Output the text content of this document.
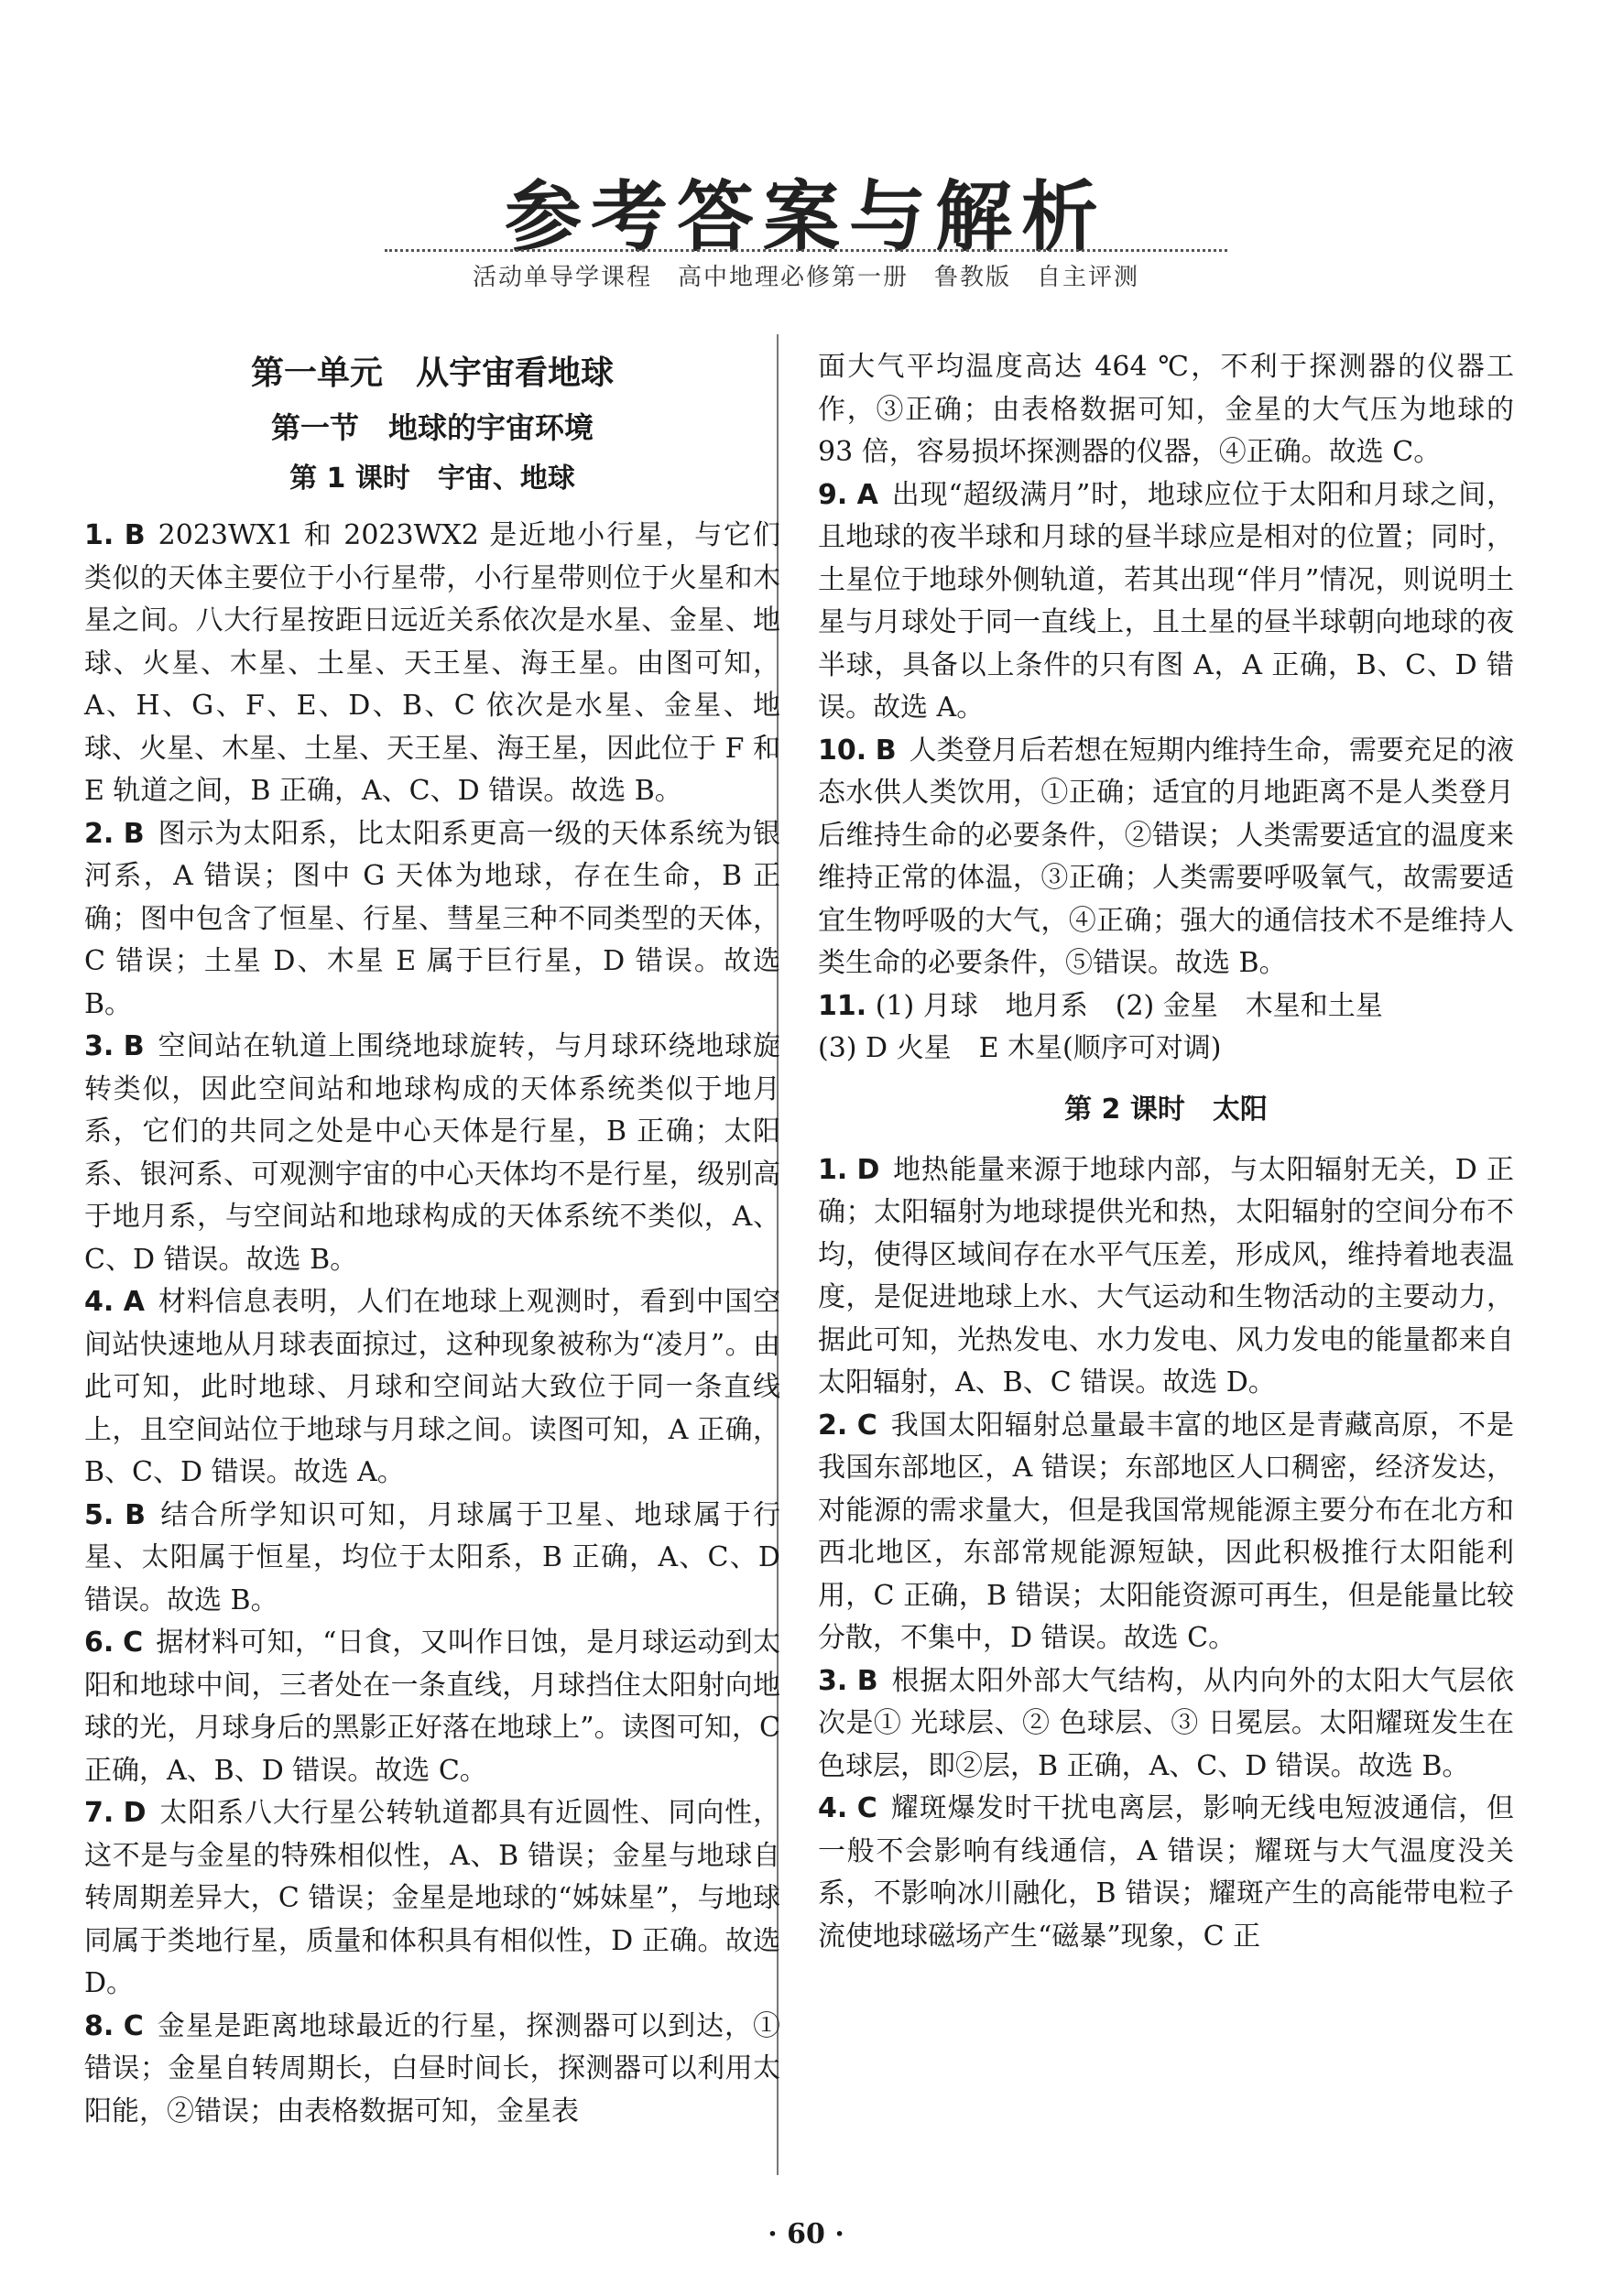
参考答案与解析
活动单导学课程　高中地理必修第一册　鲁教版　自主评测
第一单元　从宇宙看地球
第一节　地球的宇宙环境
第 1 课时　宇宙、地球

1. B 2023WX1 和 2023WX2 是近地小行星，与它们类似的天体主要位于小行星带，小行星带则位于火星和木星之间。八大行星按距日远近关系依次是水星、金星、地球、火星、木星、土星、天王星、海王星。由图可知，A、H、G、F、E、D、B、C 依次是水星、金星、地球、火星、木星、土星、天王星、海王星，因此位于 F 和 E 轨道之间，B 正确，A、C、D 错误。故选 B。

2. B 图示为太阳系，比太阳系更高一级的天体系统为银河系，A 错误；图中 G 天体为地球，存在生命，B 正确；图中包含了恒星、行星、彗星三种不同类型的天体，C 错误；土星 D、木星 E 属于巨行星，D 错误。故选 B。

3. B 空间站在轨道上围绕地球旋转，与月球环绕地球旋转类似，因此空间站和地球构成的天体系统类似于地月系，它们的共同之处是中心天体是行星，B 正确；太阳系、银河系、可观测宇宙的中心天体均不是行星，级别高于地月系，与空间站和地球构成的天体系统不类似，A、C、D 错误。故选 B。

4. A 材料信息表明，人们在地球上观测时，看到中国空间站快速地从月球表面掠过，这种现象被称为“凌月”。由此可知，此时地球、月球和空间站大致位于同一条直线上，且空间站位于地球与月球之间。读图可知，A 正确，B、C、D 错误。故选 A。

5. B 结合所学知识可知，月球属于卫星、地球属于行星、太阳属于恒星，均位于太阳系，B 正确，A、C、D 错误。故选 B。

6. C 据材料可知，“日食，又叫作日蚀，是月球运动到太阳和地球中间，三者处在一条直线，月球挡住太阳射向地球的光，月球身后的黑影正好落在地球上”。读图可知，C 正确，A、B、D 错误。故选 C。

7. D 太阳系八大行星公转轨道都具有近圆性、同向性，这不是与金星的特殊相似性，A、B 错误；金星与地球自转周期差异大，C 错误；金星是地球的“姊妹星”，与地球同属于类地行星，质量和体积具有相似性，D 正确。故选 D。

8. C 金星是距离地球最近的行星，探测器可以到达，①错误；金星自转周期长，白昼时间长，探测器可以利用太阳能，②错误；由表格数据可知，金星表

面大气平均温度高达 464 ℃，不利于探测器的仪器工作，③正确；由表格数据可知，金星的大气压为地球的 93 倍，容易损坏探测器的仪器，④正确。故选 C。

9. A 出现“超级满月”时，地球应位于太阳和月球之间，且地球的夜半球和月球的昼半球应是相对的位置；同时，土星位于地球外侧轨道，若其出现“伴月”情况，则说明土星与月球处于同一直线上，且土星的昼半球朝向地球的夜半球，具备以上条件的只有图 A，A 正确，B、C、D 错误。故选 A。

10. B 人类登月后若想在短期内维持生命，需要充足的液态水供人类饮用，①正确；适宜的月地距离不是人类登月后维持生命的必要条件，②错误；人类需要适宜的温度来维持正常的体温，③正确；人类需要呼吸氧气，故需要适宜生物呼吸的大气，④正确；强大的通信技术不是维持人类生命的必要条件，⑤错误。故选 B。

11. (1) 月球　地月系　(2) 金星　木星和土星

(3) D 火星　E 木星(顺序可对调)

第 2 课时　太阳

1. D 地热能量来源于地球内部，与太阳辐射无关，D 正确；太阳辐射为地球提供光和热，太阳辐射的空间分布不均，使得区域间存在水平气压差，形成风，维持着地表温度，是促进地球上水、大气运动和生物活动的主要动力，据此可知，光热发电、水力发电、风力发电的能量都来自太阳辐射，A、B、C 错误。故选 D。

2. C 我国太阳辐射总量最丰富的地区是青藏高原，不是我国东部地区，A 错误；东部地区人口稠密，经济发达，对能源的需求量大，但是我国常规能源主要分布在北方和西北地区，东部常规能源短缺，因此积极推行太阳能利用，C 正确，B 错误；太阳能资源可再生，但是能量比较分散，不集中，D 错误。故选 C。

3. B 根据太阳外部大气结构，从内向外的太阳大气层依次是① 光球层、② 色球层、③ 日冕层。太阳耀斑发生在色球层，即②层，B 正确，A、C、D 错误。故选 B。

4. C 耀斑爆发时干扰电离层，影响无线电短波通信，但一般不会影响有线通信，A 错误；耀斑与大气温度没关系，不影响冰川融化，B 错误；耀斑产生的高能带电粒子流使地球磁场产生“磁暴”现象，C 正

· 60 ·
